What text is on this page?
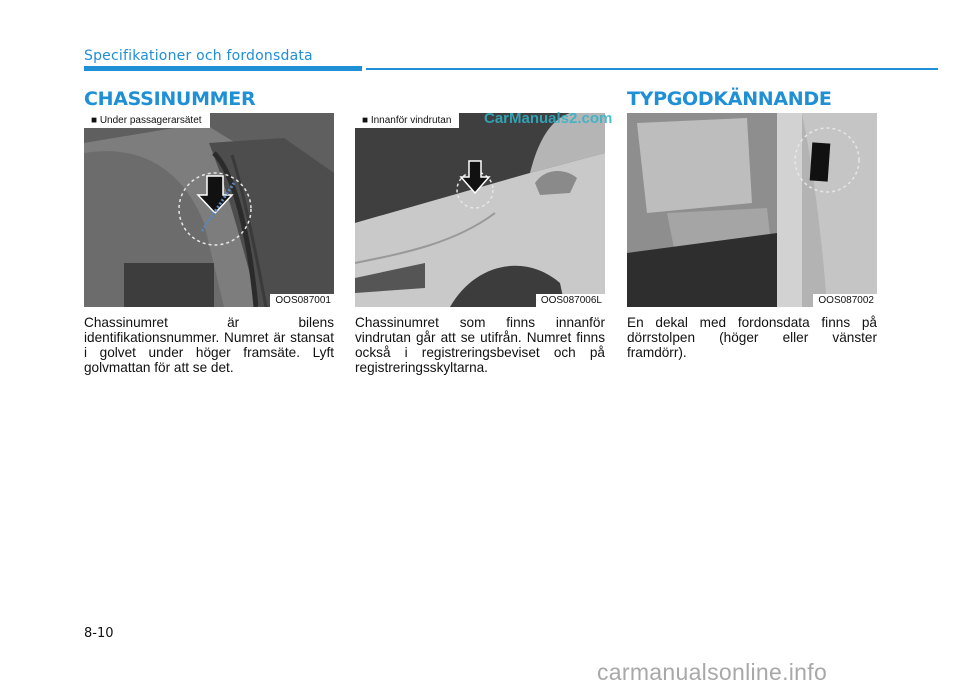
Specifikationer och fordonsdata
CHASSINUMMER
■ Under passagerarsätet
OOS087001

Chassinumret är bilens identifikationsnummer. Numret är stansat i golvet under höger framsäte. Lyft golvmattan för att se det.

■ Innanför vindrutan
OOS087006L

Chassinumret som finns innanför vindrutan går att se utifrån. Numret finns också i registreringsbeviset och på registreringsskyltarna.

CarManuals2.com
TYPGODKÄNNANDE
OOS087002

En dekal med fordonsdata finns på dörrstolpen (höger eller vänster framdörr).

8-10
carmanualsonline.info
